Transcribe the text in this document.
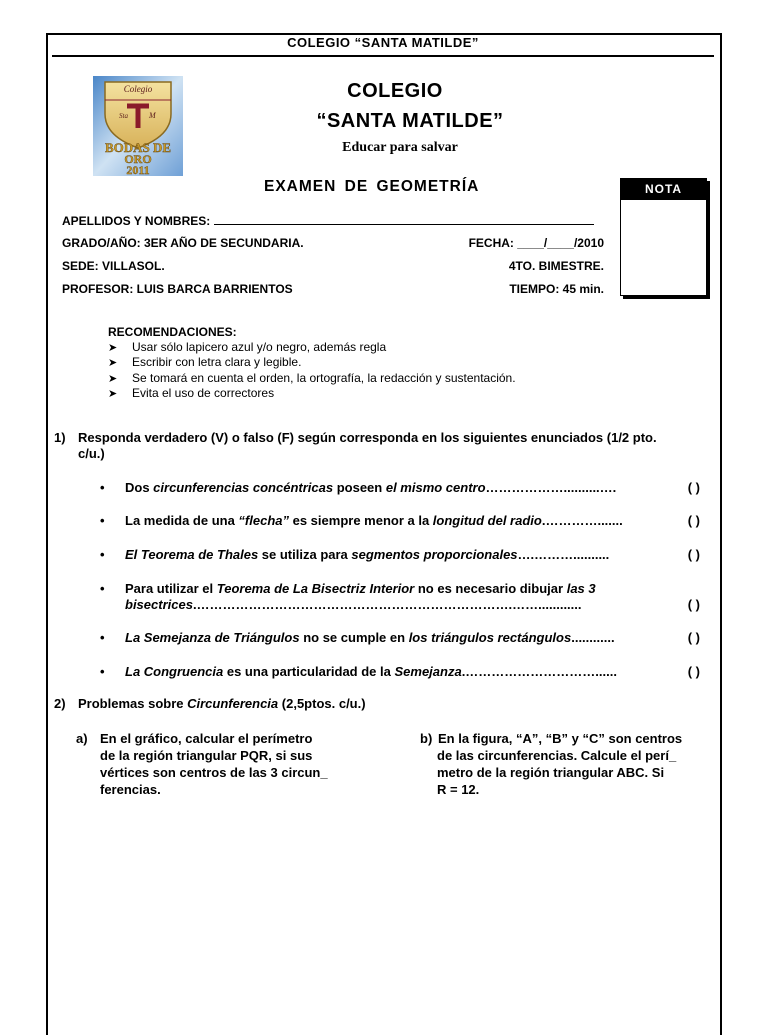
COLEGIO “SANTA MATILDE”
Colegio
Sta	M
BODAS DE
ORO
2011
COLEGIO
“SANTA MATILDE”
Educar para salvar
EXAMEN DE GEOMETRÍA	NOTA
APELLIDOS Y NOMBRES:
GRADO/AÑO: 3ER AÑO DE SECUNDARIA.	FECHA: ____/____/2010
SEDE: VILLASOL.	4TO. BIMESTRE.
PROFESOR: LUIS BARCA BARRIENTOS	TIEMPO: 45 min.
RECOMENDACIONES:
➤ Usar sólo lapicero azul y/o negro, además regla
➤ Escribir con letra clara y legible.
➤ Se tomará en cuenta el orden, la ortografía, la redacción y sustentación.
➤ Evita el uso de correctores
1) Responda verdadero (V) o falso (F) según corresponda en los siguientes enunciados (1/2 pto.
c/u.)
• Dos circunferencias concéntricas poseen el mismo centro………………..........….	( )
• La medida de una “flecha” es siempre menor a la longitud del radio.………….......	( )
• El Teorema de Thales se utiliza para segmentos proporcionales….………..........	( )
• Para utilizar el Teorema de La Bisectriz Interior no es necesario dibujar las 3
bisectrices.……………………………………………………………….……............	( )
• La Semejanza de Triángulos no se cumple en los triángulos rectángulos............	( )
• La Congruencia es una particularidad de la Semejanza.…………………………......	( )
2) Problemas sobre Circunferencia (2,5ptos. c/u.)
a) En el gráfico, calcular el perímetro
de la región triangular PQR, si sus
vértices son centros de las 3 circun_
ferencias.
b) En la figura, “A”, “B” y “C” son centros
de las circunferencias. Calcule el perí_
metro de la región triangular ABC. Si
R = 12.
